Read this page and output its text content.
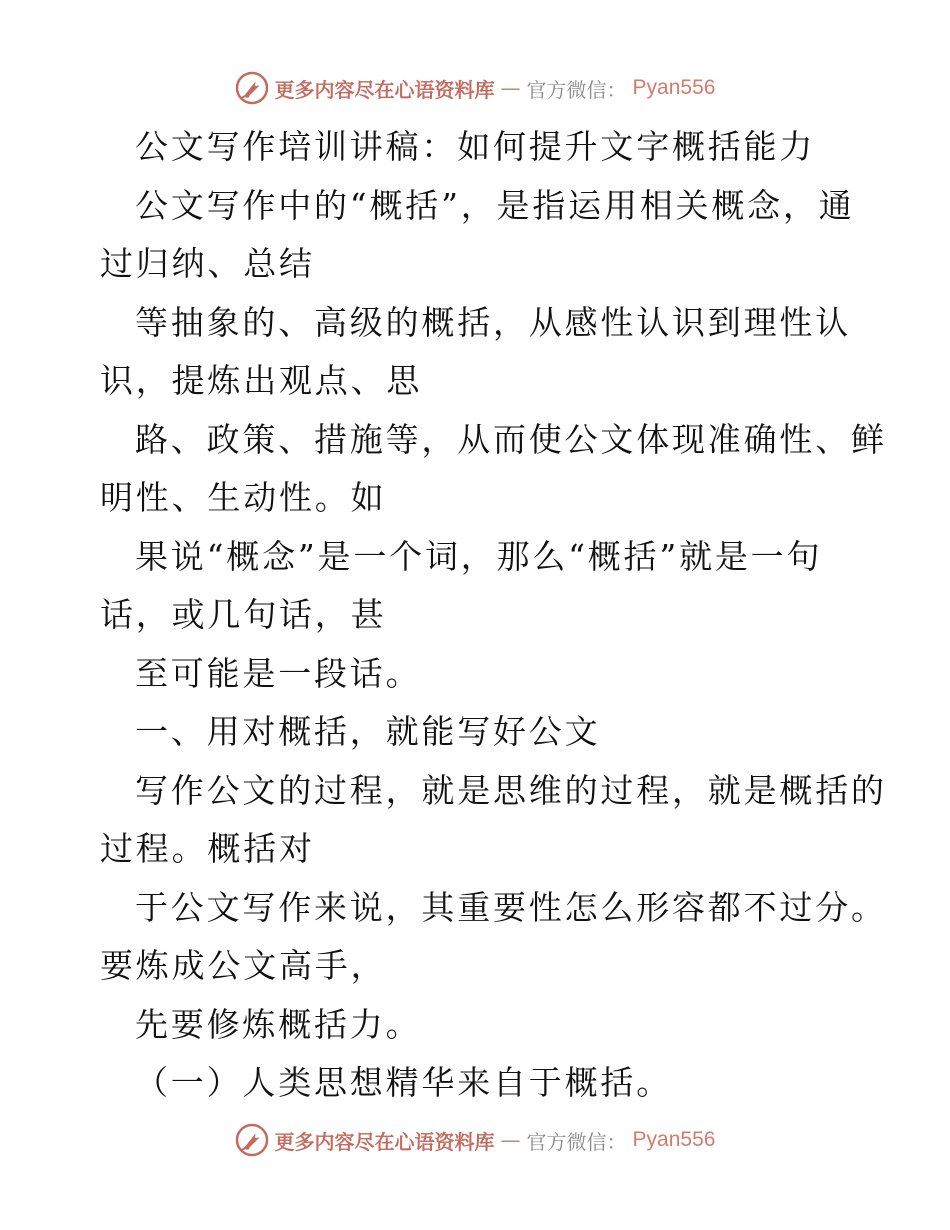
更多内容尽在心语资料库 — 官方微信： Pyan556
公文写作培训讲稿：如何提升文字概括能力
公文写作中的“概括”，是指运用相关概念，通
过归纳、总结
等抽象的、高级的概括，从感性认识到理性认
识，提炼出观点、思
路、政策、措施等，从而使公文体现准确性、鲜
明性、生动性。如
果说“概念”是一个词，那么“概括”就是一句
话，或几句话，甚
至可能是一段话。
一、用对概括，就能写好公文
写作公文的过程，就是思维的过程，就是概括的
过程。概括对
于公文写作来说，其重要性怎么形容都不过分。
要炼成公文高手，
先要修炼概括力。
（一）人类思想精华来自于概括。
更多内容尽在心语资料库 — 官方微信： Pyan556
